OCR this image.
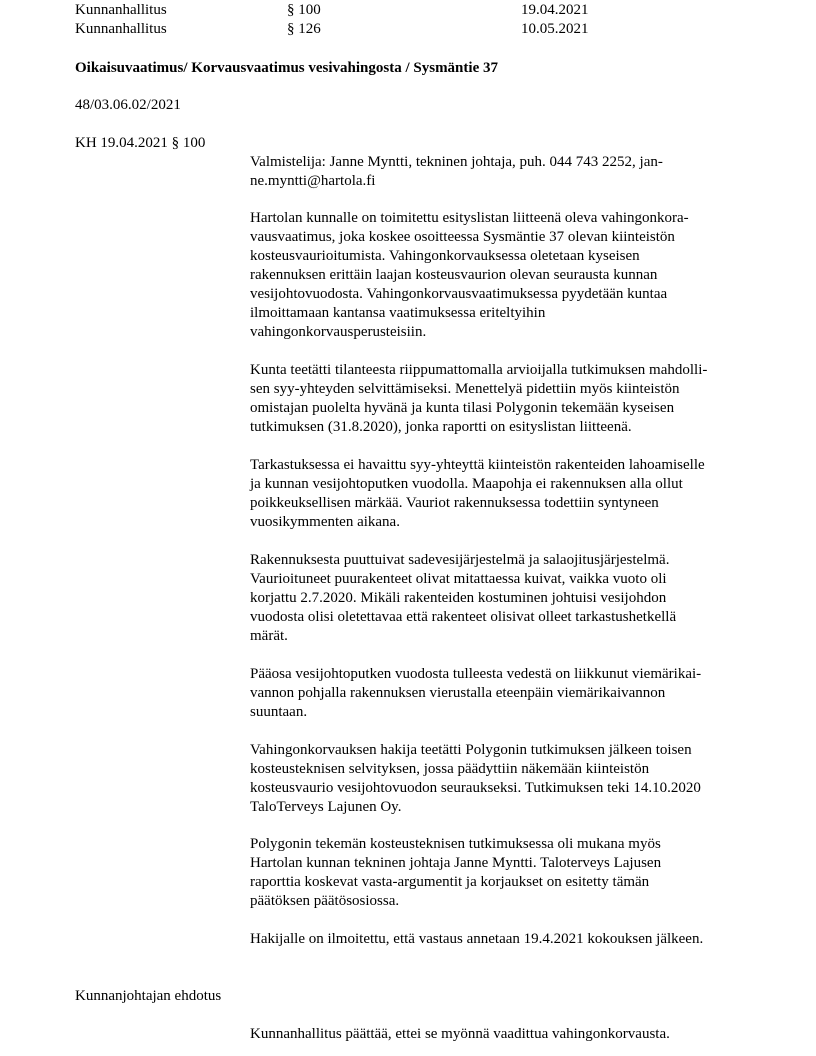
Kunnanhallitus	§ 100	19.04.2021
Kunnanhallitus	§ 126	10.05.2021
Oikaisuvaatimus/ Korvausvaatimus vesivahingosta / Sysmäntie 37
48/03.06.02/2021
KH 19.04.2021 § 100
Valmistelija: Janne Myntti, tekninen johtaja, puh. 044 743 2252, jan-
ne.myntti@hartola.fi
Hartolan kunnalle on toimitettu esityslistan liitteenä oleva vahingonkora-
vausvaatimus, joka koskee osoitteessa Sysmäntie 37 olevan kiinteistön
kosteusvaurioitumista. Vahingonkorvauksessa oletetaan kyseisen
rakennuksen erittäin laajan kosteusvaurion olevan seurausta kunnan
vesijohtovuodosta. Vahingonkorvausvaatimuksessa pyydetään kuntaa
ilmoittamaan kantansa vaatimuksessa eriteltyihin
vahingonkorvausperusteisiin.
Kunta teetätti tilanteesta riippumattomalla arvioijalla tutkimuksen mahdolli-
sen syy-yhteyden selvittämiseksi. Menettelyä pidettiin myös kiinteistön
omistajan puolelta hyvänä ja kunta tilasi Polygonin tekemään kyseisen
tutkimuksen (31.8.2020), jonka raportti on esityslistan liitteenä.
Tarkastuksessa ei havaittu syy-yhteyttä kiinteistön rakenteiden lahoamiselle
ja kunnan vesijohtoputken vuodolla. Maapohja ei rakennuksen alla ollut
poikkeuksellisen märkää. Vauriot rakennuksessa todettiin syntyneen
vuosikymmenten aikana.
Rakennuksesta puuttuivat sadevesijärjestelmä ja salaojitusjärjestelmä.
Vaurioituneet puurakenteet olivat mitattaessa kuivat, vaikka vuoto oli
korjattu 2.7.2020. Mikäli rakenteiden kostuminen johtuisi vesijohdon
vuodosta olisi oletettavaa että rakenteet olisivat olleet tarkastushetkellä
märät.
Pääosa vesijohtoputken vuodosta tulleesta vedestä on liikkunut viemärikai-
vannon pohjalla rakennuksen vierustalla eteenpäin viemärikaivannon
suuntaan.
Vahingonkorvauksen hakija teetätti Polygonin tutkimuksen jälkeen toisen
kosteusteknisen selvityksen, jossa päädyttiin näkemään kiinteistön
kosteusvaurio vesijohtovuodon seuraukseksi. Tutkimuksen teki 14.10.2020
TaloTerveys Lajunen Oy.
Polygonin tekemän kosteusteknisen tutkimuksessa oli mukana myös
Hartolan kunnan tekninen johtaja Janne Myntti. Taloterveys Lajusen
raporttia koskevat vasta-argumentit ja korjaukset on esitetty tämän
päätöksen päätösosiossa.
Hakijalle on ilmoitettu, että vastaus annetaan 19.4.2021 kokouksen jälkeen.
Kunnanjohtajan ehdotus
Kunnanhallitus päättää, ettei se myönnä vaadittua vahingonkorvausta.
